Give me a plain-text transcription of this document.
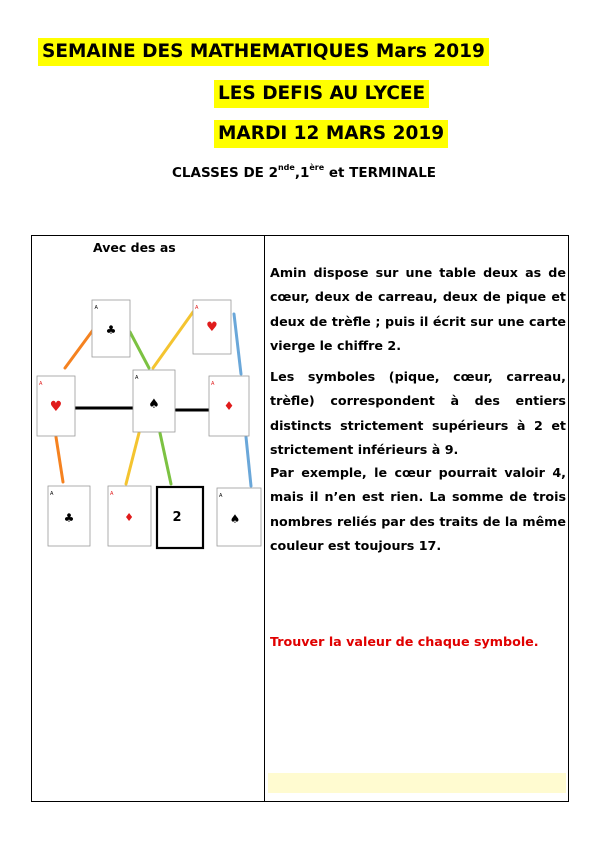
SEMAINE DES MATHEMATIQUES Mars 2019
LES DEFIS AU LYCEE
MARDI 12 MARS 2019
CLASSES DE 2nde,1ère et TERMINALE
Avec des as
A
♣
A
♥
A
♥
A
♠
A
♦
A
♣
A
♦	2
A
♠

Amin dispose sur une table deux as de cœur, deux de carreau, deux de pique et deux de trèfle ; puis il écrit sur une carte vierge le chiffre 2.

Les symboles (pique, cœur, carreau, trèfle) correspondent à des entiers distincts strictement supérieurs à 2 et strictement inférieurs à 9.

Par exemple, le cœur pourrait valoir 4, mais il n’en est rien. La somme de trois nombres reliés par des traits de la même couleur est toujours 17.

Trouver la valeur de chaque symbole.
